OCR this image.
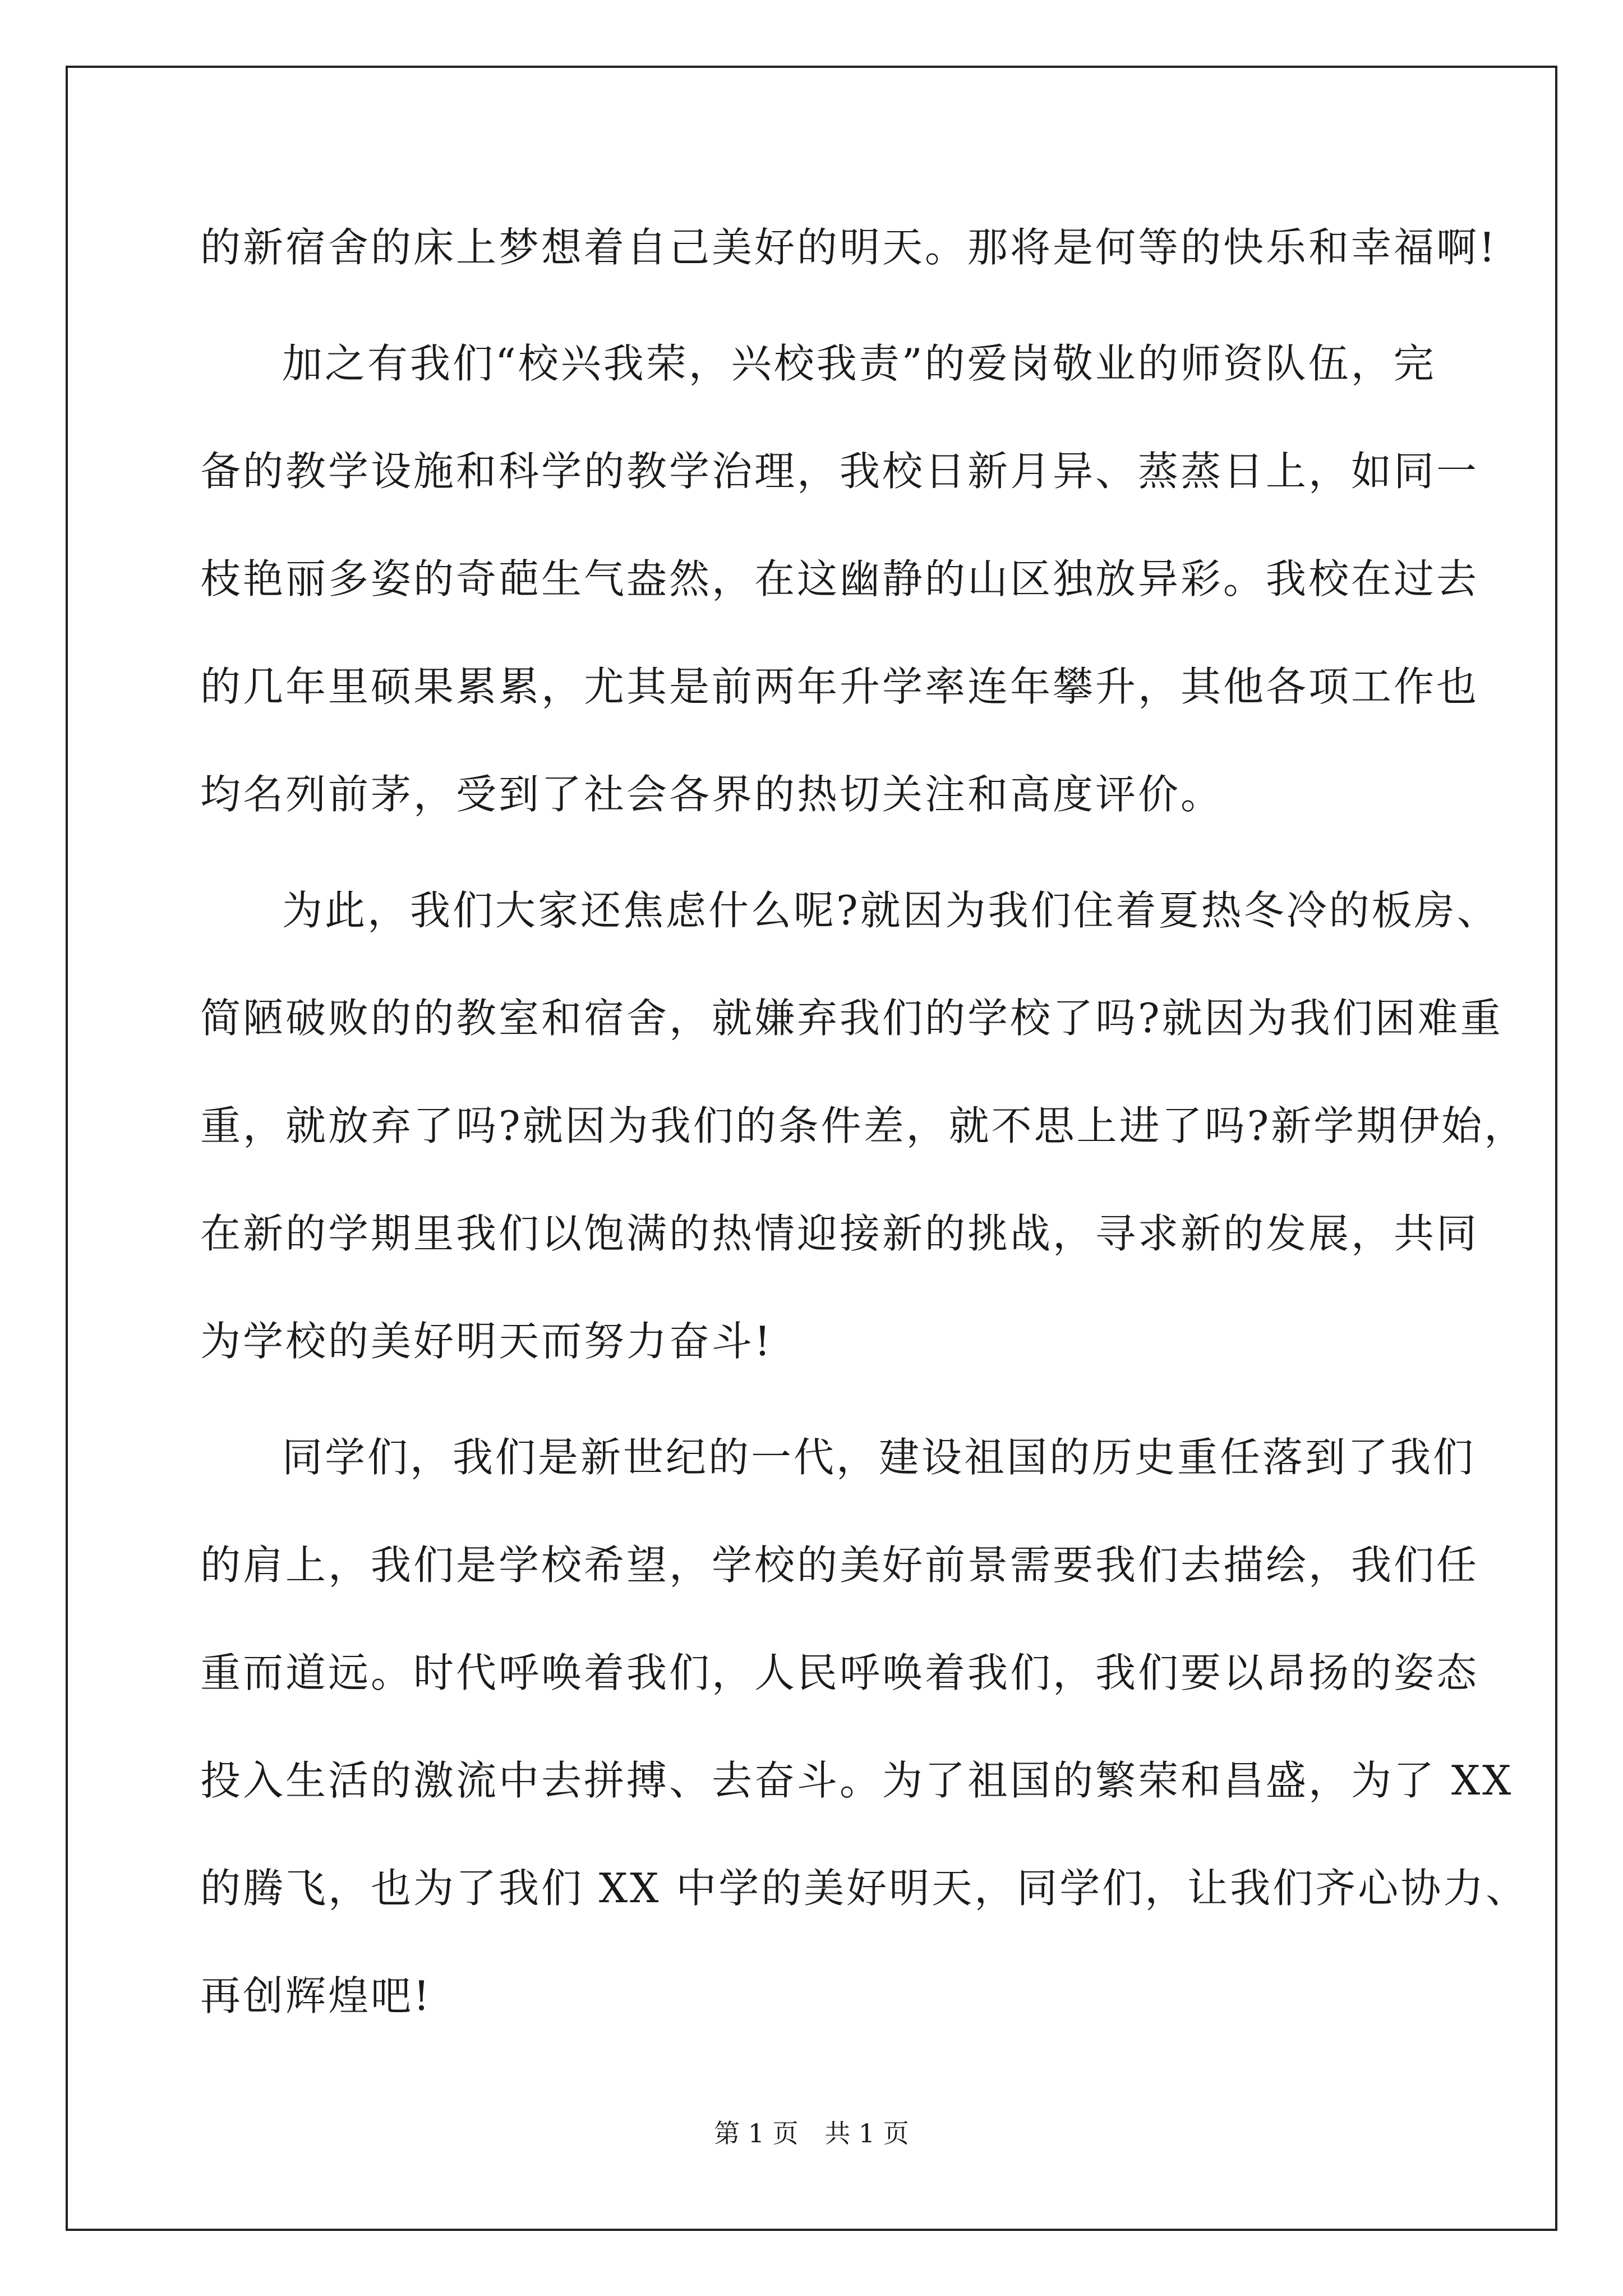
的新宿舍的床上梦想着自己美好的明天。那将是何等的快乐和幸福啊!
加之有我们“校兴我荣，兴校我责”的爱岗敬业的师资队伍，完
备的教学设施和科学的教学治理，我校日新月异、蒸蒸日上，如同一
枝艳丽多姿的奇葩生气盎然，在这幽静的山区独放异彩。我校在过去
的几年里硕果累累，尤其是前两年升学率连年攀升，其他各项工作也
均名列前茅，受到了社会各界的热切关注和高度评价。
为此，我们大家还焦虑什么呢?就因为我们住着夏热冬冷的板房、
简陋破败的的教室和宿舍，就嫌弃我们的学校了吗?就因为我们困难重
重，就放弃了吗?就因为我们的条件差，就不思上进了吗?新学期伊始，
在新的学期里我们以饱满的热情迎接新的挑战，寻求新的发展，共同
为学校的美好明天而努力奋斗!
同学们，我们是新世纪的一代，建设祖国的历史重任落到了我们
的肩上，我们是学校希望，学校的美好前景需要我们去描绘，我们任
重而道远。时代呼唤着我们，人民呼唤着我们，我们要以昂扬的姿态
投入生活的激流中去拼搏、去奋斗。为了祖国的繁荣和昌盛，为了 XX
的腾飞，也为了我们 XX 中学的美好明天，同学们，让我们齐心协力、
再创辉煌吧!
第 1 页 共 1 页
